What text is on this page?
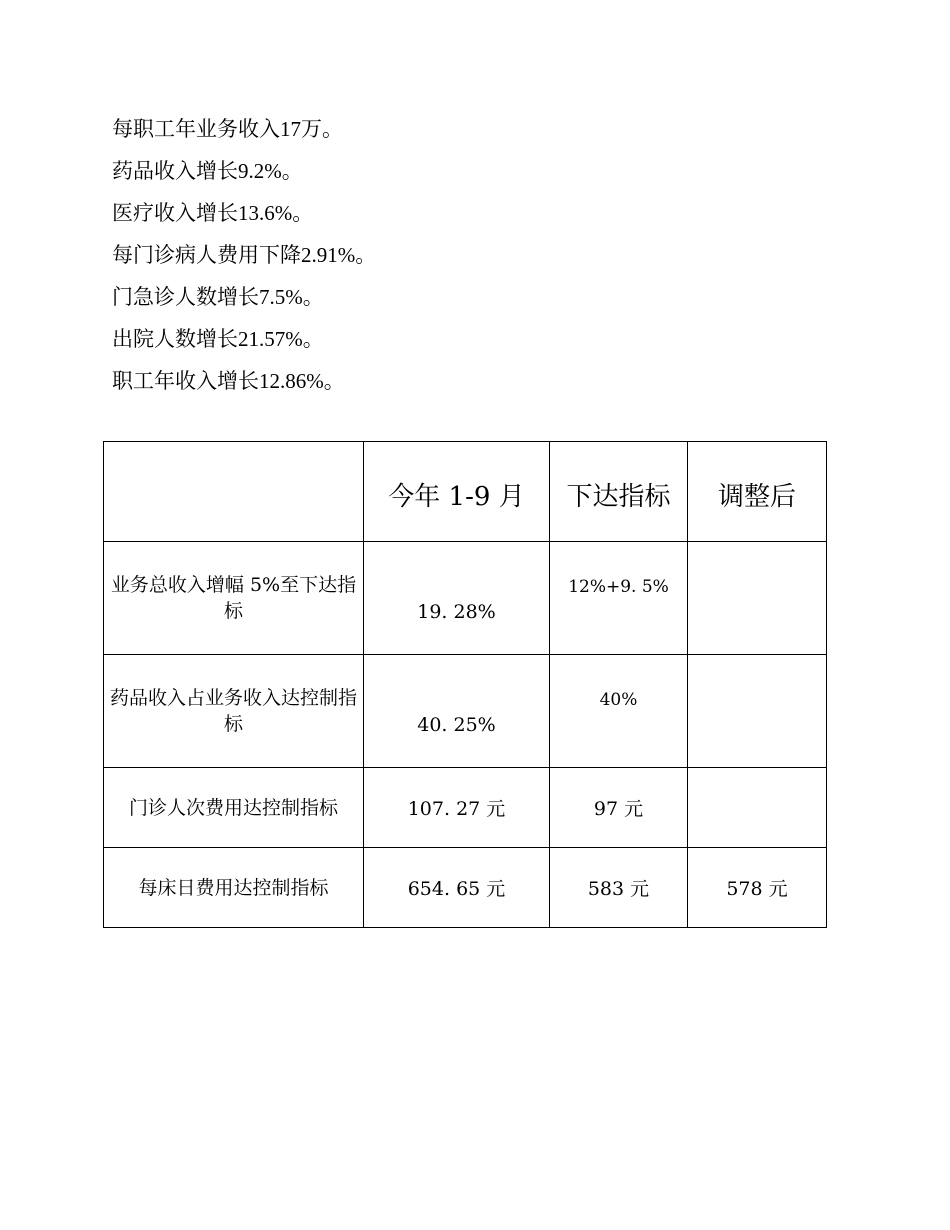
每职工年业务收入17万。

药品收入增长9.2%。

医疗收入增长13.6%。

每门诊病人费用下降2.91%。

门急诊人数增长7.5%。

出院人数增长21.57%。

职工年收入增长12.86%。

	今年 1-9 月	下达指标	调整后
业务总收入增幅 5%至下达指标	19. 28%	12%+9. 5%	
药品收入占业务收入达控制指标	40. 25%	40%	
门诊人次费用达控制指标	107. 27 元	97 元	
每床日费用达控制指标	654. 65 元	583 元	578 元
